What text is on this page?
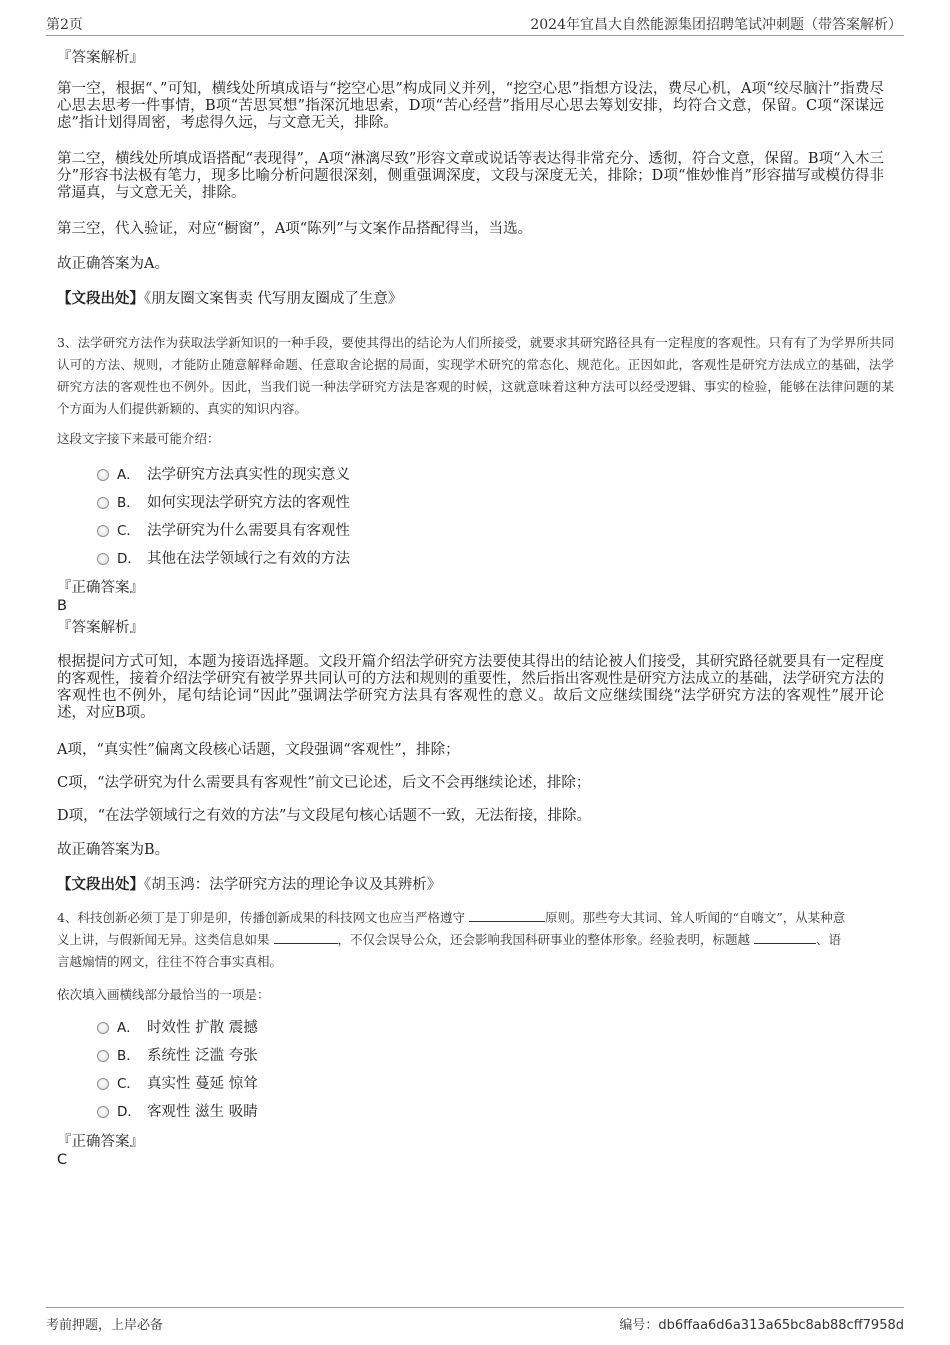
第2页	2024年宜昌大自然能源集团招聘笔试冲刺题（带答案解析）
『答案解析』
第一空，根据“、”可知，横线处所填成语与“挖空心思”构成同义并列，“挖空心思”指想方设法，费尽心机，A项“绞尽脑汁”指费尽心思去思考一件事情，B项“苦思冥想”指深沉地思索，D项“苦心经营”指用尽心思去筹划安排，均符合文意，保留。C项“深谋远虑”指计划得周密，考虑得久远，与文意无关，排除。
第二空，横线处所填成语搭配“表现得”，A项“淋漓尽致”形容文章或说话等表达得非常充分、透彻，符合文意，保留。B项“入木三分”形容书法极有笔力，现多比喻分析问题很深刻，侧重强调深度，文段与深度无关，排除；D项“惟妙惟肖”形容描写或模仿得非常逼真，与文意无关，排除。
第三空，代入验证，对应“橱窗”，A项“陈列”与文案作品搭配得当，当选。
故正确答案为A。
【文段出处】《朋友圈文案售卖 代写朋友圈成了生意》
3、法学研究方法作为获取法学新知识的一种手段，要使其得出的结论为人们所接受，就要求其研究路径具有一定程度的客观性。只有有了为学界所共同认可的方法、规则，才能防止随意解释命题、任意取舍论据的局面，实现学术研究的常态化、规范化。正因如此，客观性是研究方法成立的基础，法学研究方法的客观性也不例外。因此，当我们说一种法学研究方法是客观的时候，这就意味着这种方法可以经受逻辑、事实的检验，能够在法律问题的某个方面为人们提供新颖的、真实的知识内容。
这段文字接下来最可能介绍：
A． 法学研究方法真实性的现实意义
B． 如何实现法学研究方法的客观性
C． 法学研究为什么需要具有客观性
D． 其他在法学领域行之有效的方法
『正确答案』
B
『答案解析』
根据提问方式可知，本题为接语选择题。文段开篇介绍法学研究方法要使其得出的结论被人们接受，其研究路径就要具有一定程度的客观性，接着介绍法学研究有被学界共同认可的方法和规则的重要性，然后指出客观性是研究方法成立的基础，法学研究方法的客观性也不例外，尾句结论词“因此”强调法学研究方法具有客观性的意义。故后文应继续围绕“法学研究方法的客观性”展开论述，对应B项。
A项，“真实性”偏离文段核心话题，文段强调“客观性”，排除；
C项，“法学研究为什么需要具有客观性”前文已论述，后文不会再继续论述，排除；
D项，“在法学领域行之有效的方法”与文段尾句核心话题不一致，无法衔接，排除。
故正确答案为B。
【文段出处】《胡玉鸿：法学研究方法的理论争议及其辨析》
4、科技创新必须丁是丁卯是卯，传播创新成果的科技网文也应当严格遵守	原则。那些夸大其词、耸人听闻的“自嗨文”，从某种意
义上讲，与假新闻无异。这类信息如果	，不仅会误导公众，还会影响我国科研事业的整体形象。经验表明，标题越	、语
言越煽情的网文，往往不符合事实真相。
依次填入画横线部分最恰当的一项是：
A． 时效性 扩散 震撼
B． 系统性 泛滥 夸张
C． 真实性 蔓延 惊耸
D． 客观性 滋生 吸睛
『正确答案』
C
考前押题，上岸必备	编号：db6ffaa6d6a313a65bc8ab88cff7958d
